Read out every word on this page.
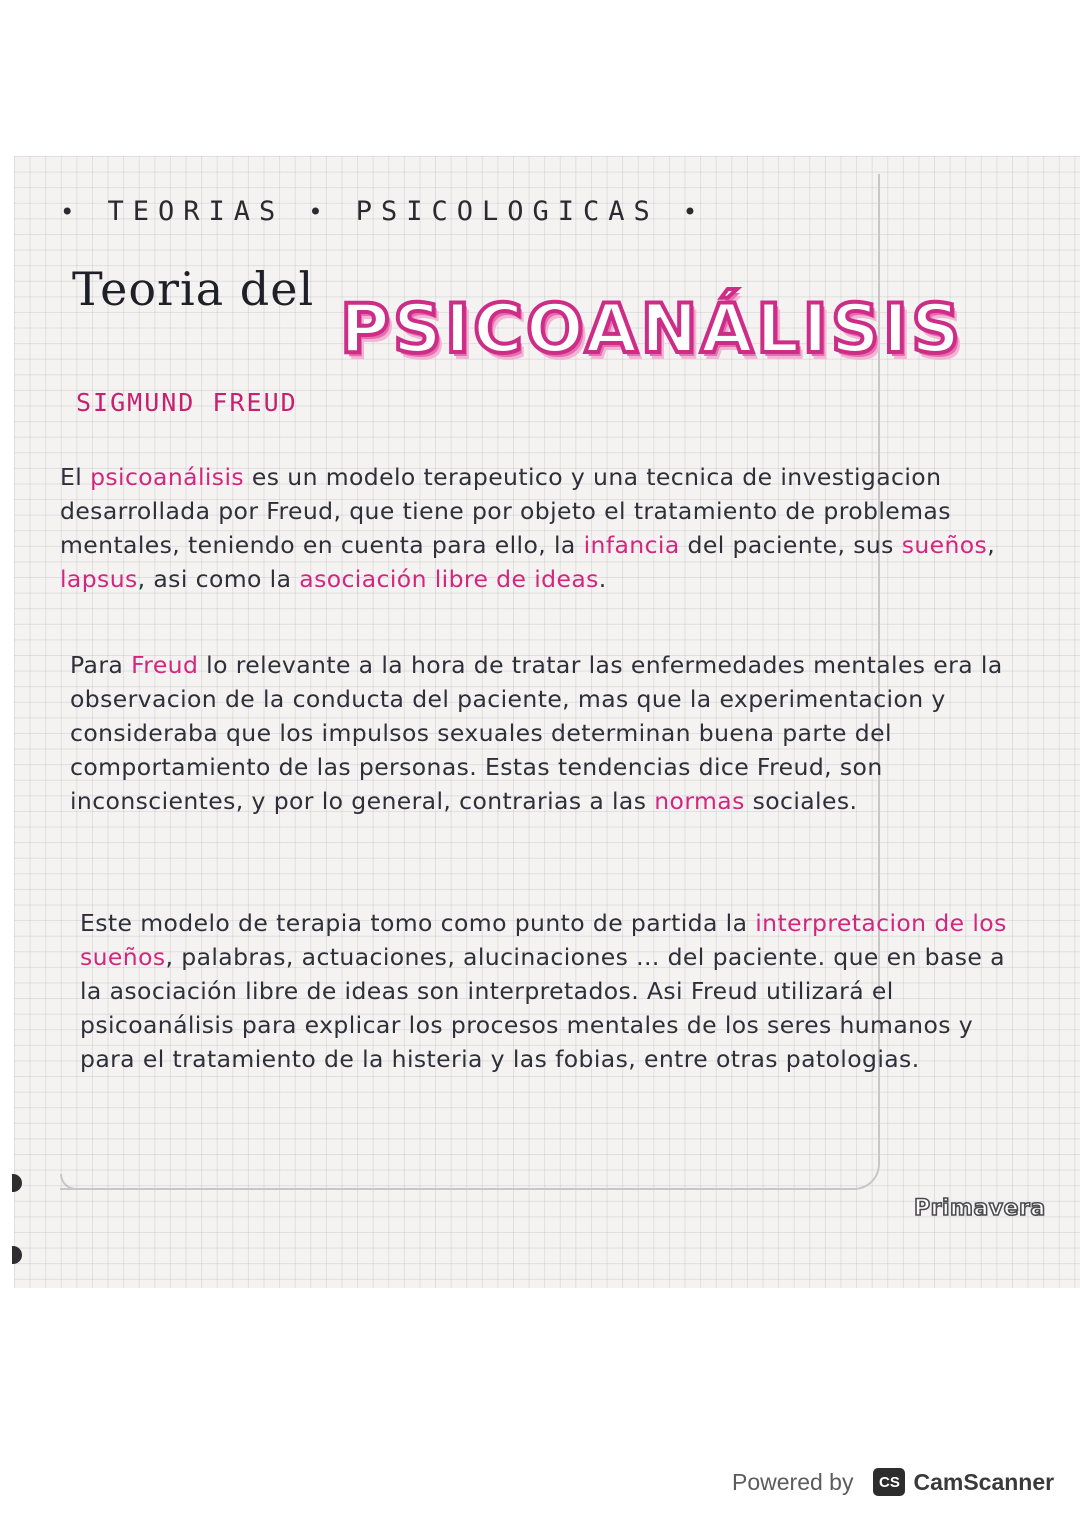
• TEORIAS • PSICOLOGICAS •
Teoria del
PSICOANÁLISIS
SIGMUND FREUD

El psicoanálisis es un modelo terapeutico y una tecnica de investigacion desarrollada por Freud, que tiene por objeto el tratamiento de problemas mentales, teniendo en cuenta para ello, la infancia del paciente, sus sueños, lapsus, asi como la asociación libre de ideas.

Para Freud lo relevante a la hora de tratar las enfermedades mentales era la observacion de la conducta del paciente, mas que la experimentacion y consideraba que los impulsos sexuales determinan buena parte del comportamiento de las personas. Estas tendencias dice Freud, son inconscientes, y por lo general, contrarias a las normas sociales.

Este modelo de terapia tomo como punto de partida la interpretacion de los sueños, palabras, actuaciones, alucinaciones ... del paciente. que en base a la asociación libre de ideas son interpretados. Asi Freud utilizará el psicoanálisis para explicar los procesos mentales de los seres humanos y para el tratamiento de la histeria y las fobias, entre otras patologias.

Primavera
Powered by	CS CamScanner
